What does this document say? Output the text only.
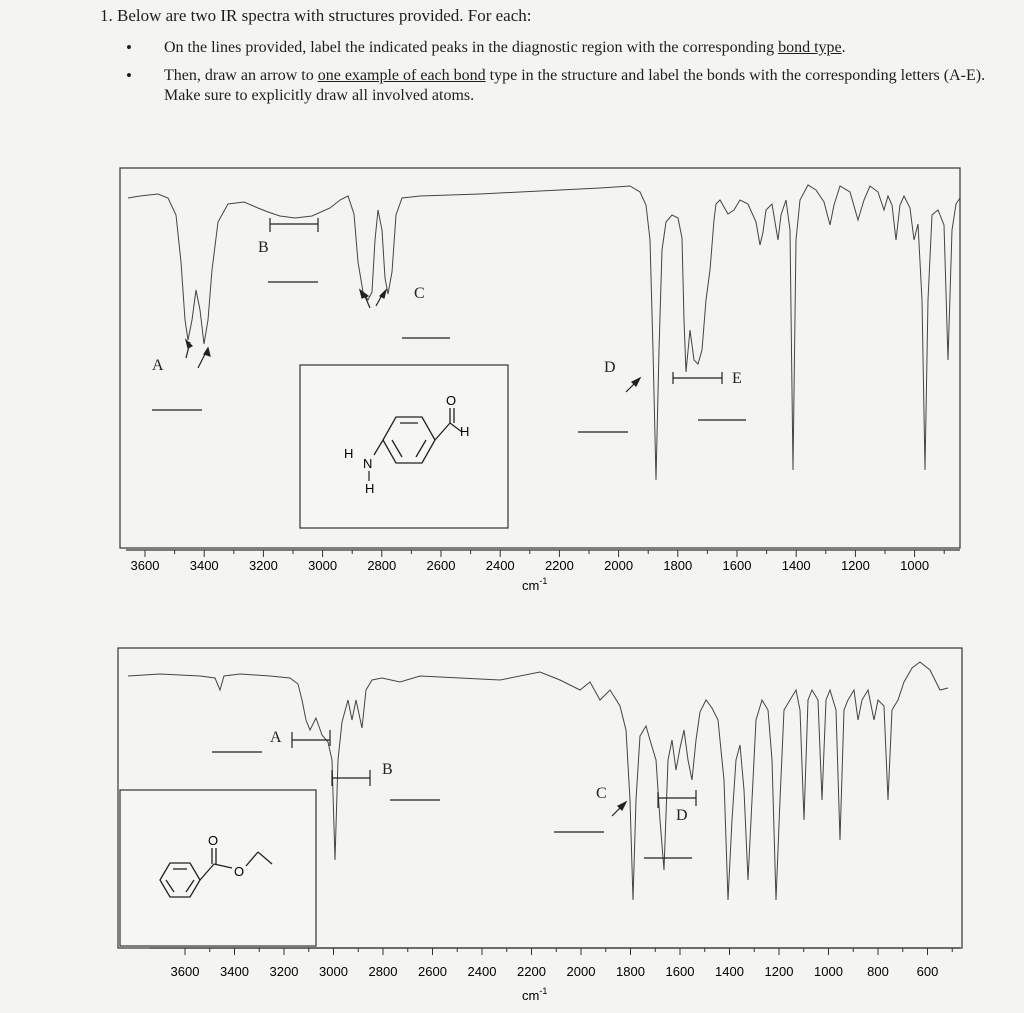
1. Below are two IR spectra with structures provided. For each:
• On the lines provided, label the indicated peaks in the diagnostic region with the corresponding bond type.
• Then, draw an arrow to one example of each bond type in the structure and label the bonds with the corresponding letters (A-E). Make sure to explicitly draw all involved atoms.
3600 3400 3200 3000 2800 2600 2400 2200 2000 1800 1600 1400 1200 1000
$cm^{-1}$
H
N
H
O
H
A
B
C
D
E
3600 3400 3200 3000 2800 2600 2400 2200 2000 1800 1600 1400 1200 1000 800 600
$cm^{-1}$
O
O
A
B
C
D
